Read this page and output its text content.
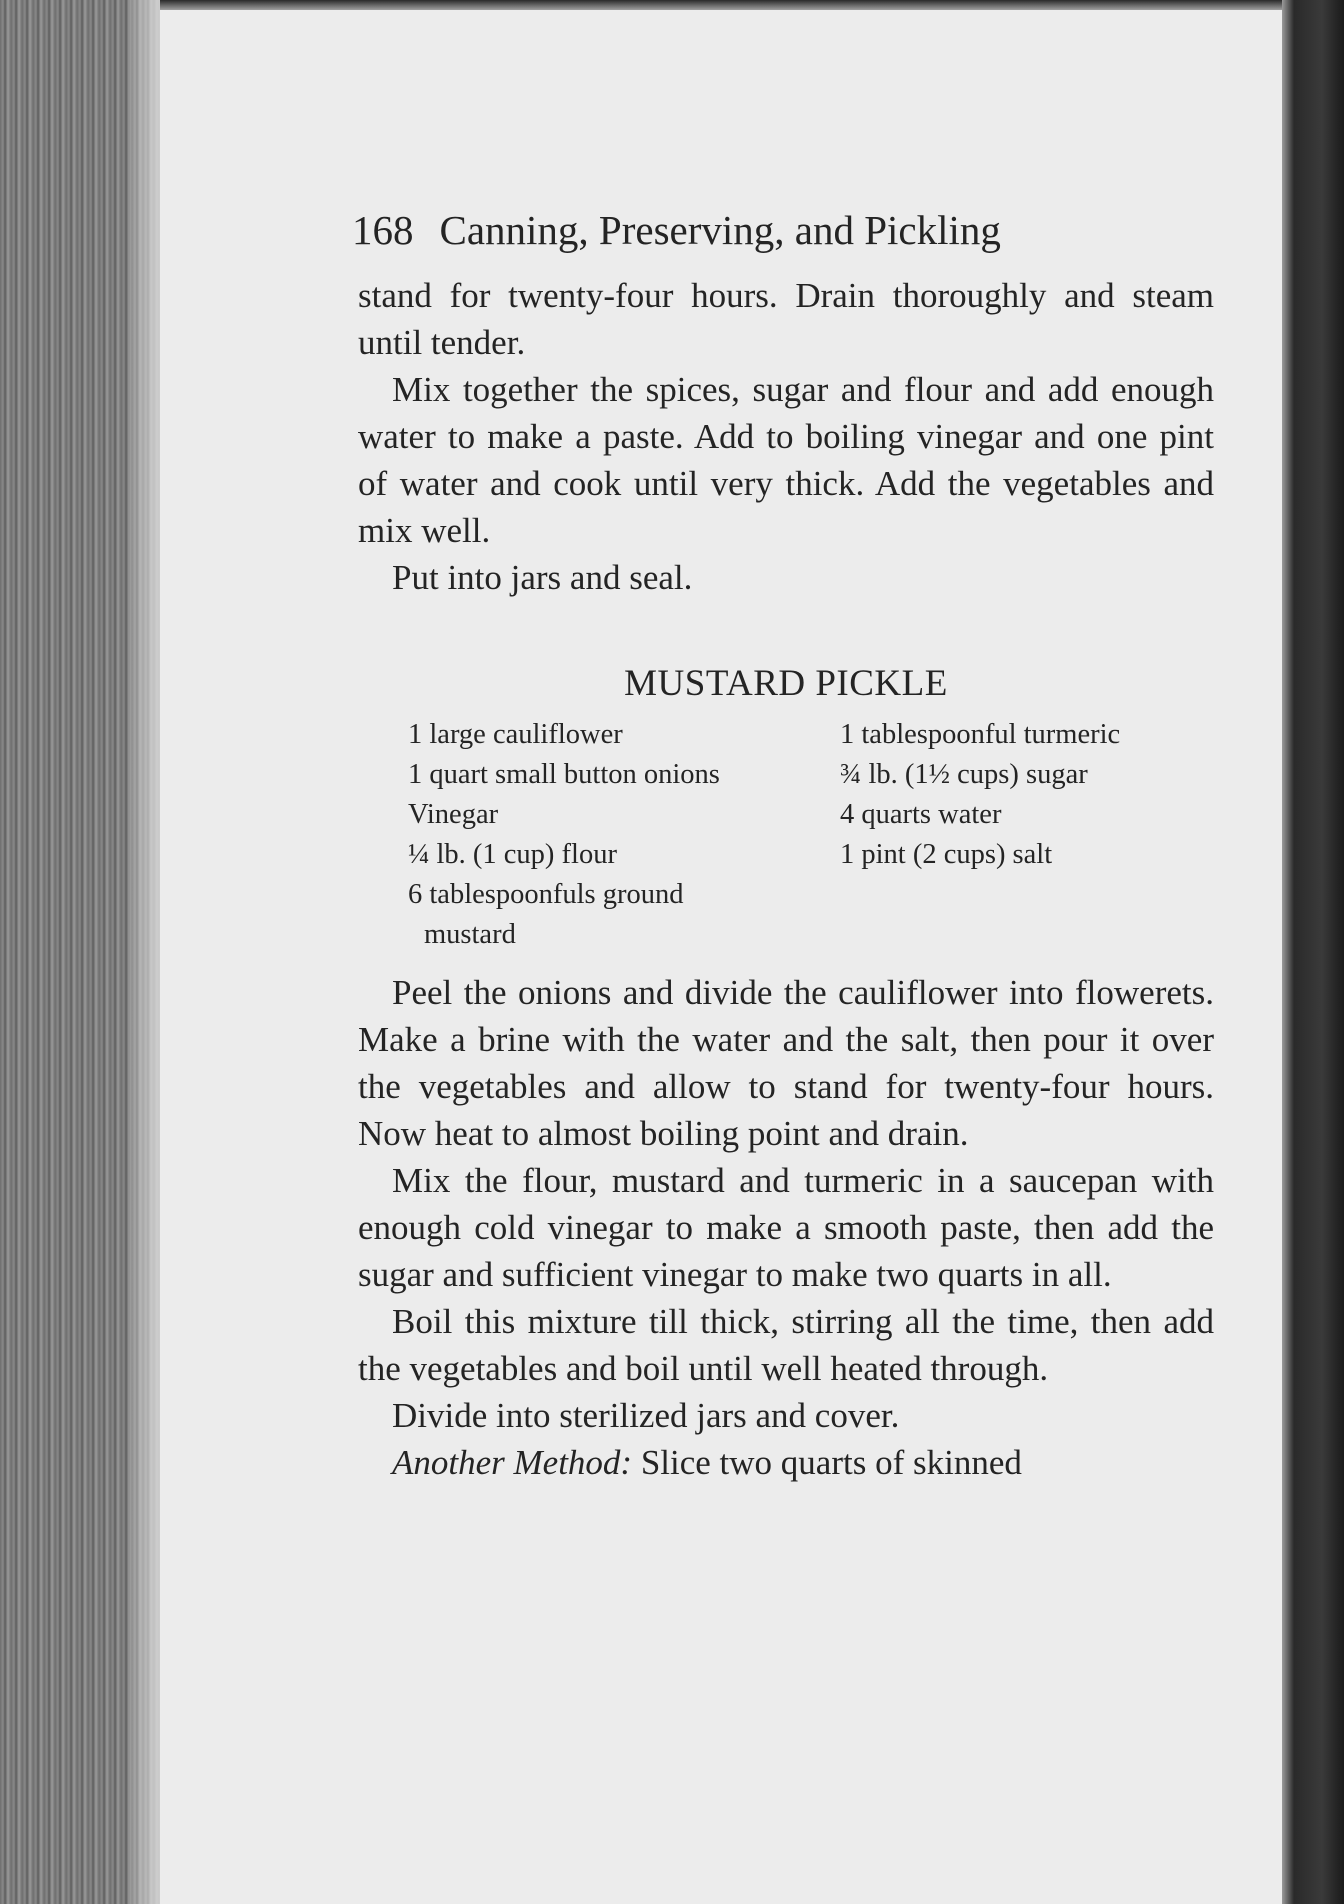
168 Canning, Preserving, and Pickling

stand for twenty-four hours. Drain thoroughly and steam until tender.

Mix together the spices, sugar and flour and add enough water to make a paste. Add to boiling vinegar and one pint of water and cook until very thick. Add the vegetables and mix well.

Put into jars and seal.

MUSTARD PICKLE
1 large cauliflower
1 quart small button onions
Vinegar
¼ lb. (1 cup) flour
6 tablespoonfuls ground
mustard
1 tablespoonful turmeric
¾ lb. (1½ cups) sugar
4 quarts water
1 pint (2 cups) salt

Peel the onions and divide the cauliflower into flowerets. Make a brine with the water and the salt, then pour it over the vegetables and allow to stand for twenty-four hours. Now heat to almost boiling point and drain.

Mix the flour, mustard and turmeric in a saucepan with enough cold vinegar to make a smooth paste, then add the sugar and sufficient vinegar to make two quarts in all.

Boil this mixture till thick, stirring all the time, then add the vegetables and boil until well heated through.

Divide into sterilized jars and cover.

Another Method: Slice two quarts of skinned
